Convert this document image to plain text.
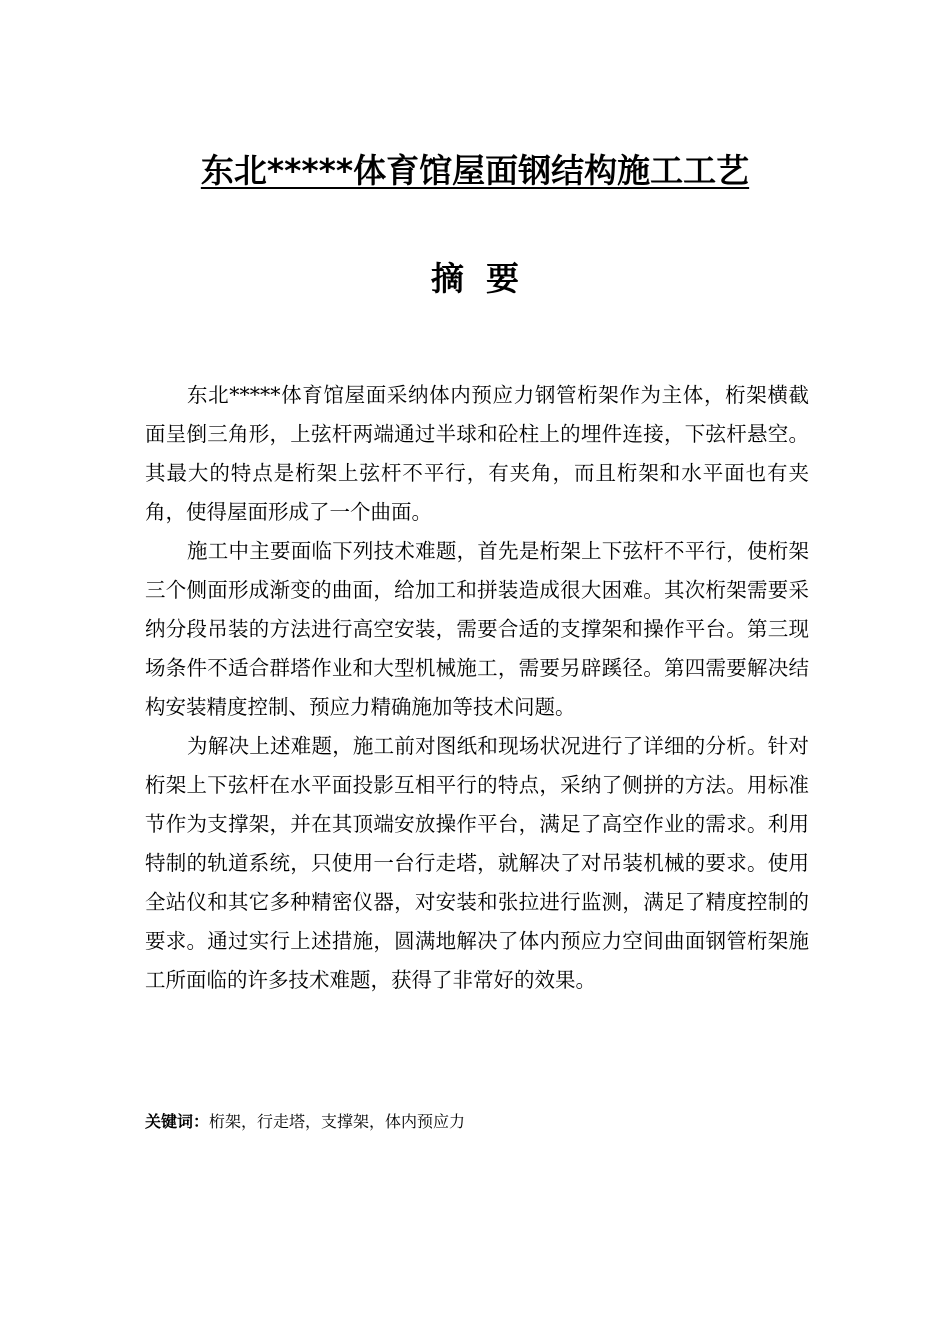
东北*****体育馆屋面钢结构施工工艺
摘要

东北*****体育馆屋面采纳体内预应力钢管桁架作为主体，桁架横截面呈倒三角形，上弦杆两端通过半球和砼柱上的埋件连接，下弦杆悬空。其最大的特点是桁架上弦杆不平行，有夹角，而且桁架和水平面也有夹角，使得屋面形成了一个曲面。

施工中主要面临下列技术难题，首先是桁架上下弦杆不平行，使桁架三个侧面形成渐变的曲面，给加工和拼装造成很大困难。其次桁架需要采纳分段吊装的方法进行高空安装，需要合适的支撑架和操作平台。第三现场条件不适合群塔作业和大型机械施工，需要另辟蹊径。第四需要解决结构安装精度控制、预应力精确施加等技术问题。

为解决上述难题，施工前对图纸和现场状况进行了详细的分析。针对桁架上下弦杆在水平面投影互相平行的特点，采纳了侧拼的方法。用标准节作为支撑架，并在其顶端安放操作平台，满足了高空作业的需求。利用特制的轨道系统，只使用一台行走塔，就解决了对吊装机械的要求。使用全站仪和其它多种精密仪器，对安装和张拉进行监测，满足了精度控制的要求。通过实行上述措施，圆满地解决了体内预应力空间曲面钢管桁架施工所面临的许多技术难题，获得了非常好的效果。

关键词：桁架，行走塔，支撑架，体内预应力
